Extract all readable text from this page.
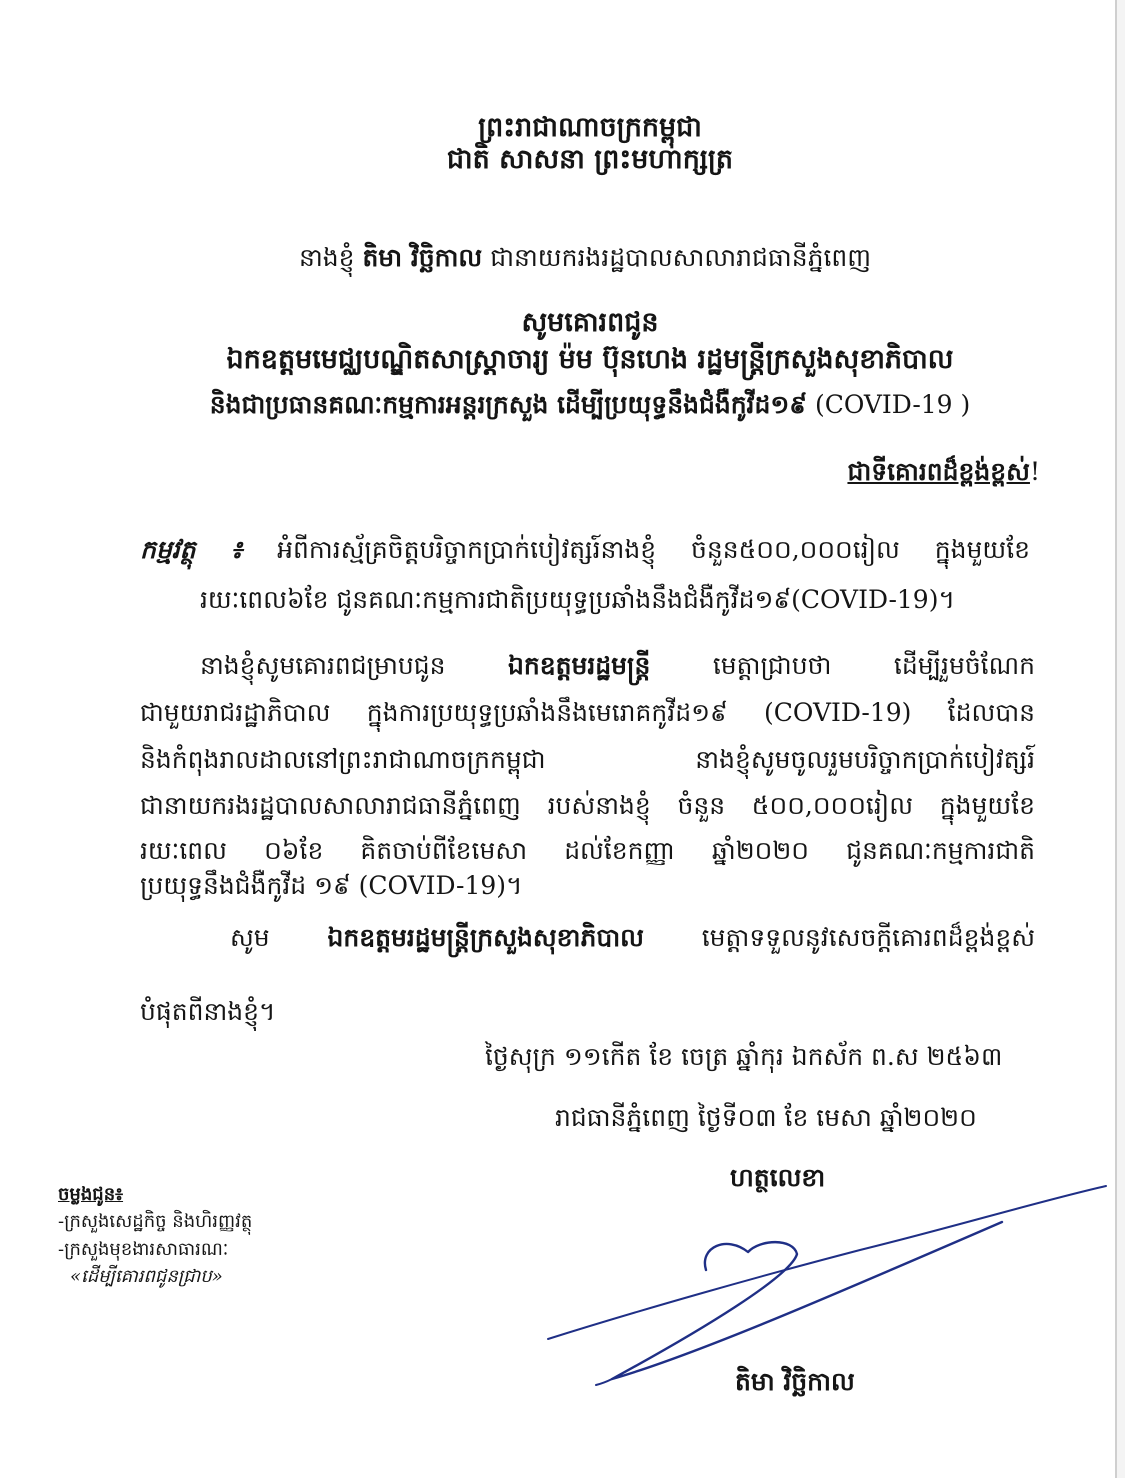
ព្រះរាជាណាចក្រកម្ពុជា
ជាតិ សាសនា ព្រះមហាក្សត្រ
នាងខ្ញុំ តិមា វិច្ឆិកាល ជានាយករងរដ្ឋបាលសាលារាជធានីភ្នំពេញ
សូមគោរពជូន
ឯកឧត្តមមេជ្ឈបណ្ឌិតសាស្ត្រាចារ្យ ម៉ម ប៊ុនហេង រដ្ឋមន្ត្រីក្រសួងសុខាភិបាល
និងជាប្រធានគណៈកម្មការអន្តរក្រសួង ដើម្បីប្រយុទ្ធនឹងជំងឺកូវីដ១៩ (COVID-19 )
ជាទីគោរពដ៏ខ្ពង់ខ្ពស់!
កម្មវត្ថុ ៖ អំពីការស្ម័គ្រចិត្តបរិច្ចាកប្រាក់បៀវត្សរ៍នាងខ្ញុំ ចំនួន៥០០,០០០រៀល ក្នុងមួយខែ
រយៈពេល៦ខែ ជូនគណៈកម្មការជាតិប្រយុទ្ធប្រឆាំងនឹងជំងឺកូវីដ១៩(COVID-19)។
នាងខ្ញុំសូមគោរពជម្រាបជូន	ឯកឧត្តមរដ្ឋមន្ត្រី	មេត្តាជ្រាបថា ដើម្បីរួមចំណែក
ជាមួយរាជរដ្ឋាភិបាល ក្នុងការប្រយុទ្ធប្រឆាំងនឹងមេរោគកូវីដ១៩ (COVID-19) ដែលបាន
និងកំពុងរាលដាលនៅព្រះរាជាណាចក្រកម្ពុជា នាងខ្ញុំសូមចូលរួមបរិច្ចាកប្រាក់បៀវត្សរ៍
ជានាយករងរដ្ឋបាលសាលារាជធានីភ្នំពេញ របស់នាងខ្ញុំ ចំនួន ៥០០,០០០រៀល ក្នុងមួយខែ
រយៈពេល ០៦ខែ គិតចាប់ពីខែមេសា ដល់ខែកញ្ញា ឆ្នាំ២០២០ ជូនគណៈកម្មការជាតិ
ប្រយុទ្ធនឹងជំងឺកូវីដ ១៩ (COVID-19)។
សូម ឯកឧត្តមរដ្ឋមន្ត្រីក្រសួងសុខាភិបាល មេត្តាទទួលនូវសេចក្តីគោរពដ៏ខ្ពង់ខ្ពស់
បំផុតពីនាងខ្ញុំ។
ថ្ងៃសុក្រ ១១កើត ខែ ចេត្រ ឆ្នាំកុរ ឯកស័ក ព.ស ២៥៦៣
រាជធានីភ្នំពេញ ថ្ងៃទី០៣ ខែ មេសា ឆ្នាំ២០២០
ហត្ថលេខា
តិមា វិច្ឆិកាល
ចម្លងជូន៖
-ក្រសួងសេដ្ឋកិច្ច និងហិរញ្ញវត្ថុ
-ក្រសួងមុខងារសាធារណៈ
«ដើម្បីគោរពជូនជ្រាប»
